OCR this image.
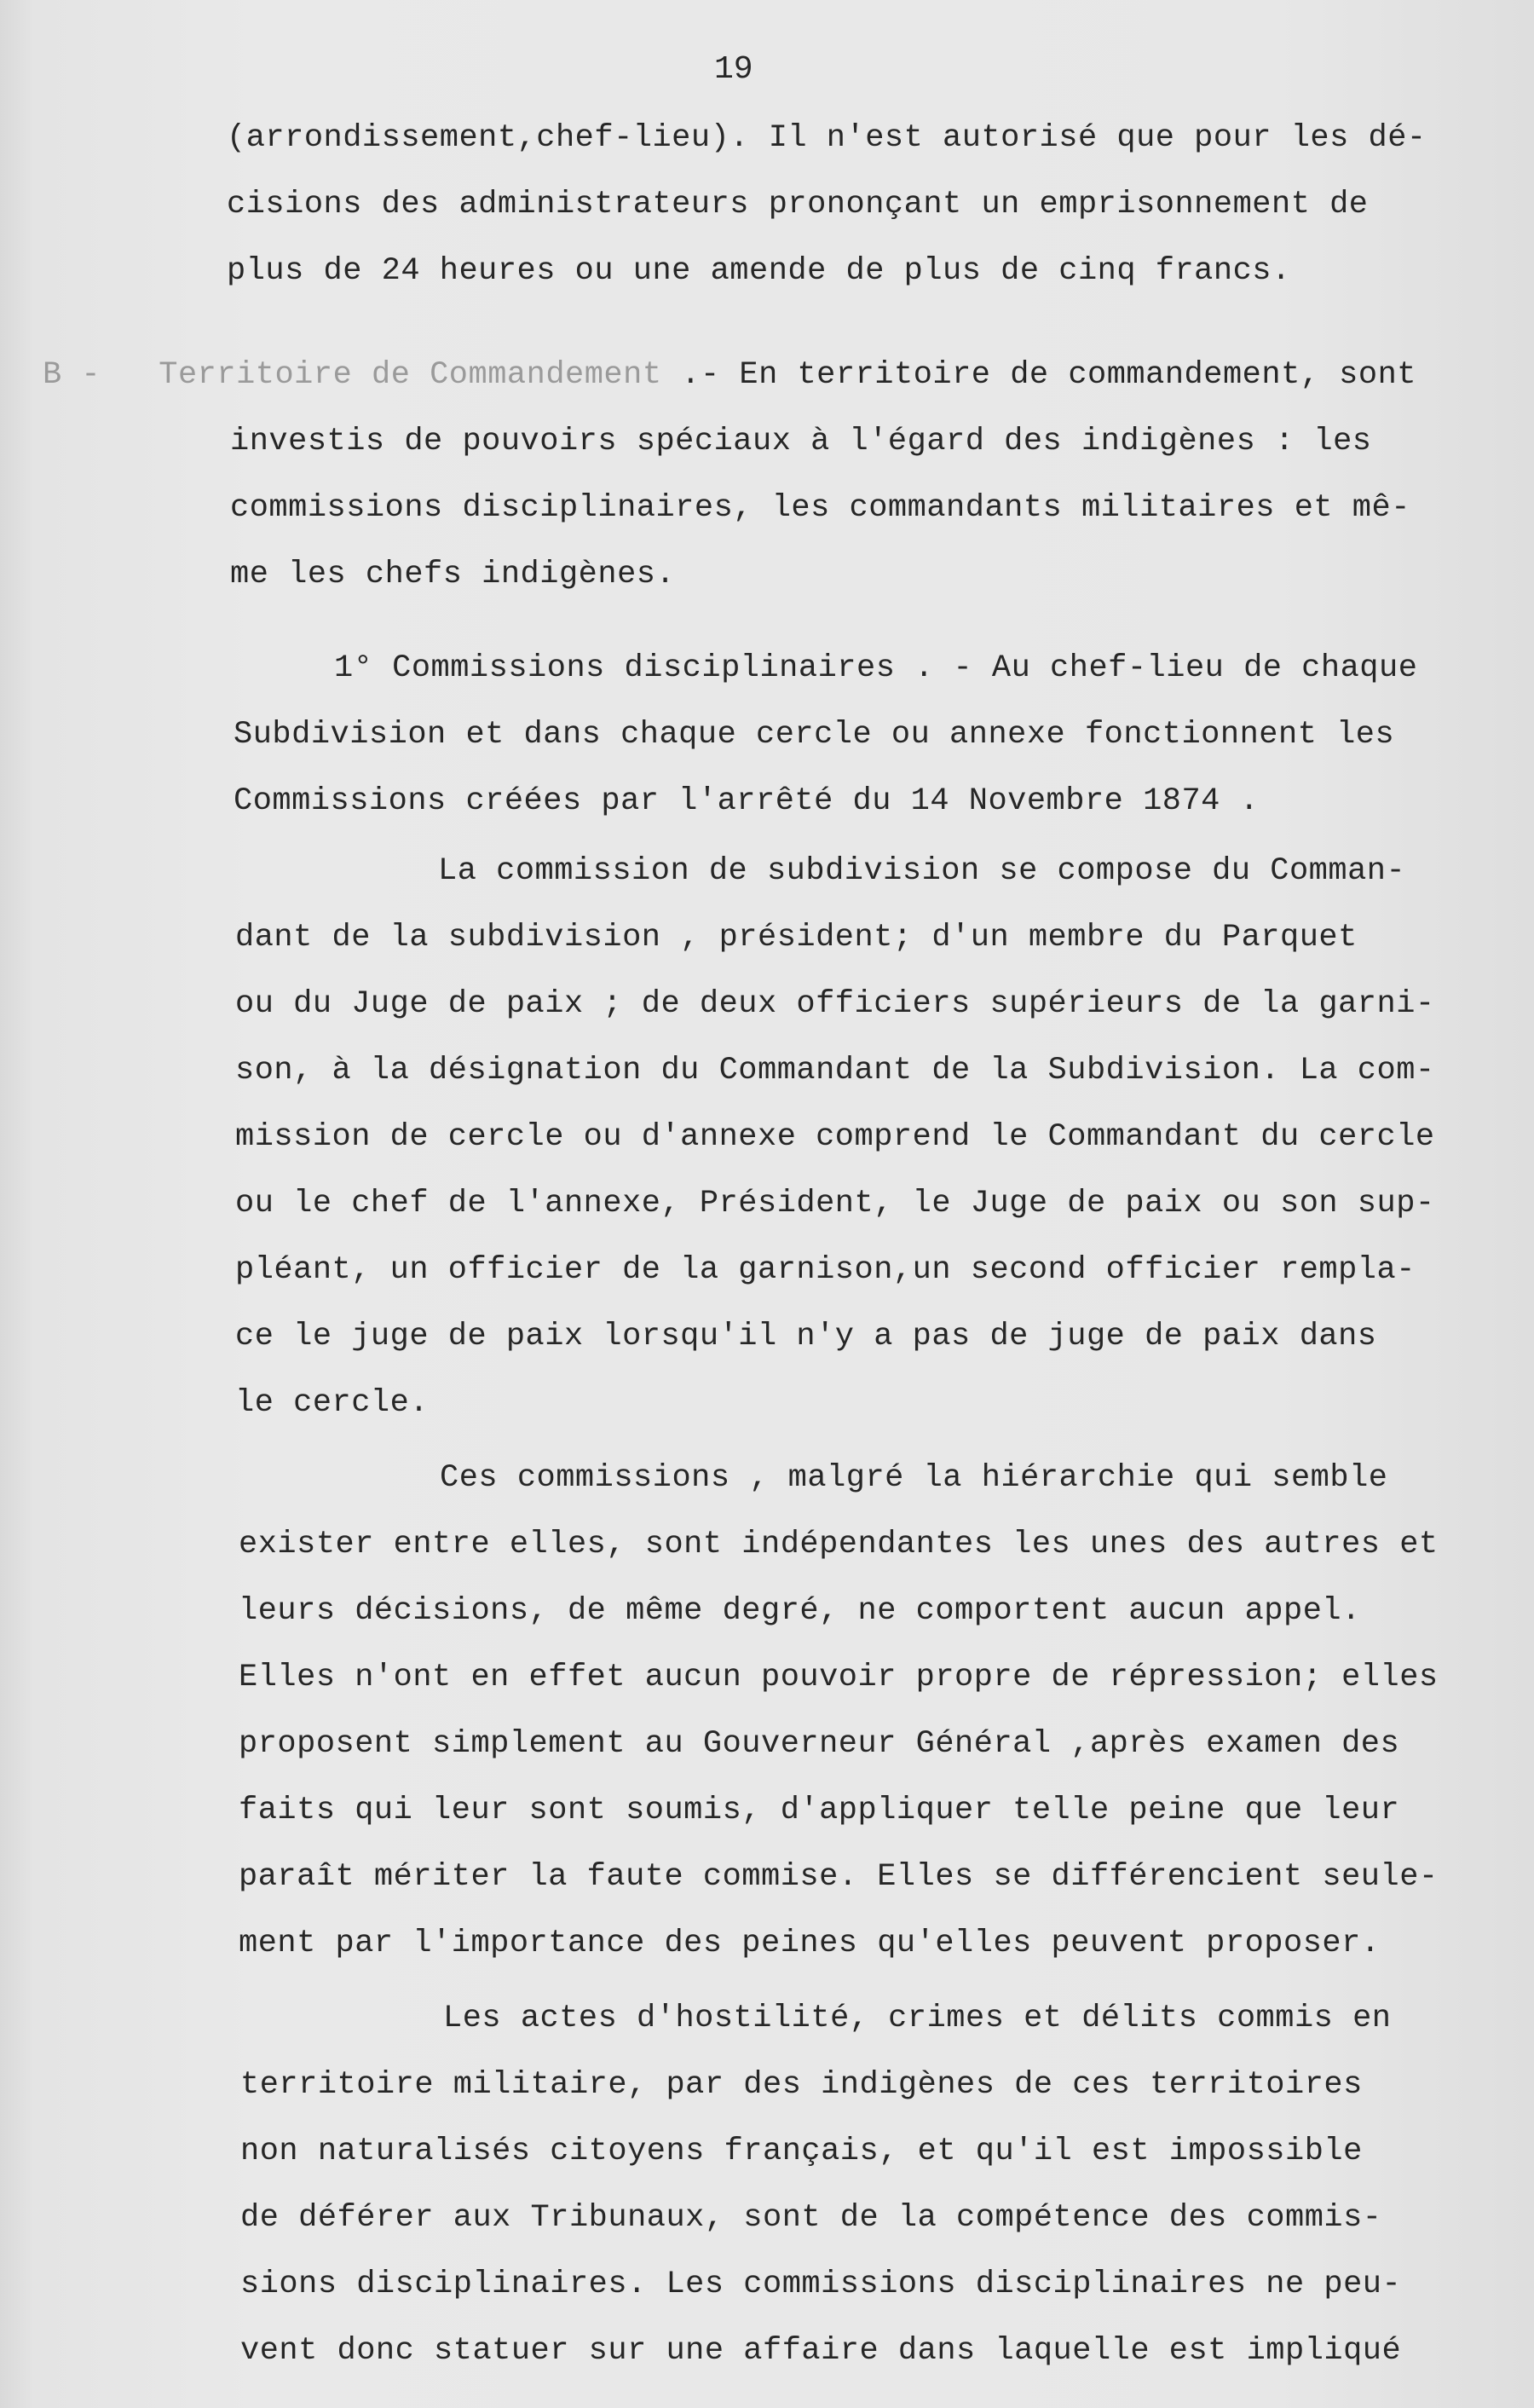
19
(arrondissement,chef-lieu). Il n'est autorisé que pour les dé-
cisions des administrateurs prononçant un emprisonnement de
plus de 24 heures ou une amende de plus de cinq francs.
B - Territoire de Commandement .- En territoire de commandement, sont
investis de pouvoirs spéciaux à l'égard des indigènes : les
commissions disciplinaires, les commandants militaires et mê-
me les chefs indigènes.
1° Commissions disciplinaires . - Au chef-lieu de chaque
Subdivision et dans chaque cercle ou annexe fonctionnent les
Commissions créées par l'arrêté du 14 Novembre 1874 .
La commission de subdivision se compose du Comman-
dant de la subdivision , président; d'un membre du Parquet
ou du Juge de paix ; de deux officiers supérieurs de la garni-
son, à la désignation du Commandant de la Subdivision. La com-
mission de cercle ou d'annexe comprend le Commandant du cercle
ou le chef de l'annexe, Président, le Juge de paix ou son sup-
pléant, un officier de la garnison,un second officier rempla-
ce le juge de paix lorsqu'il n'y a pas de juge de paix dans
le cercle.
Ces commissions , malgré la hiérarchie qui semble
exister entre elles, sont indépendantes les unes des autres et
leurs décisions, de même degré, ne comportent aucun appel.
Elles n'ont en effet aucun pouvoir propre de répression; elles
proposent simplement au Gouverneur Général ,après examen des
faits qui leur sont soumis, d'appliquer telle peine que leur
paraît mériter la faute commise. Elles se différencient seule-
ment par l'importance des peines qu'elles peuvent proposer.
Les actes d'hostilité, crimes et délits commis en
territoire militaire, par des indigènes de ces territoires
non naturalisés citoyens français, et qu'il est impossible
de déférer aux Tribunaux, sont de la compétence des commis-
sions disciplinaires. Les commissions disciplinaires ne peu-
vent donc statuer sur une affaire dans laquelle est impliqué
